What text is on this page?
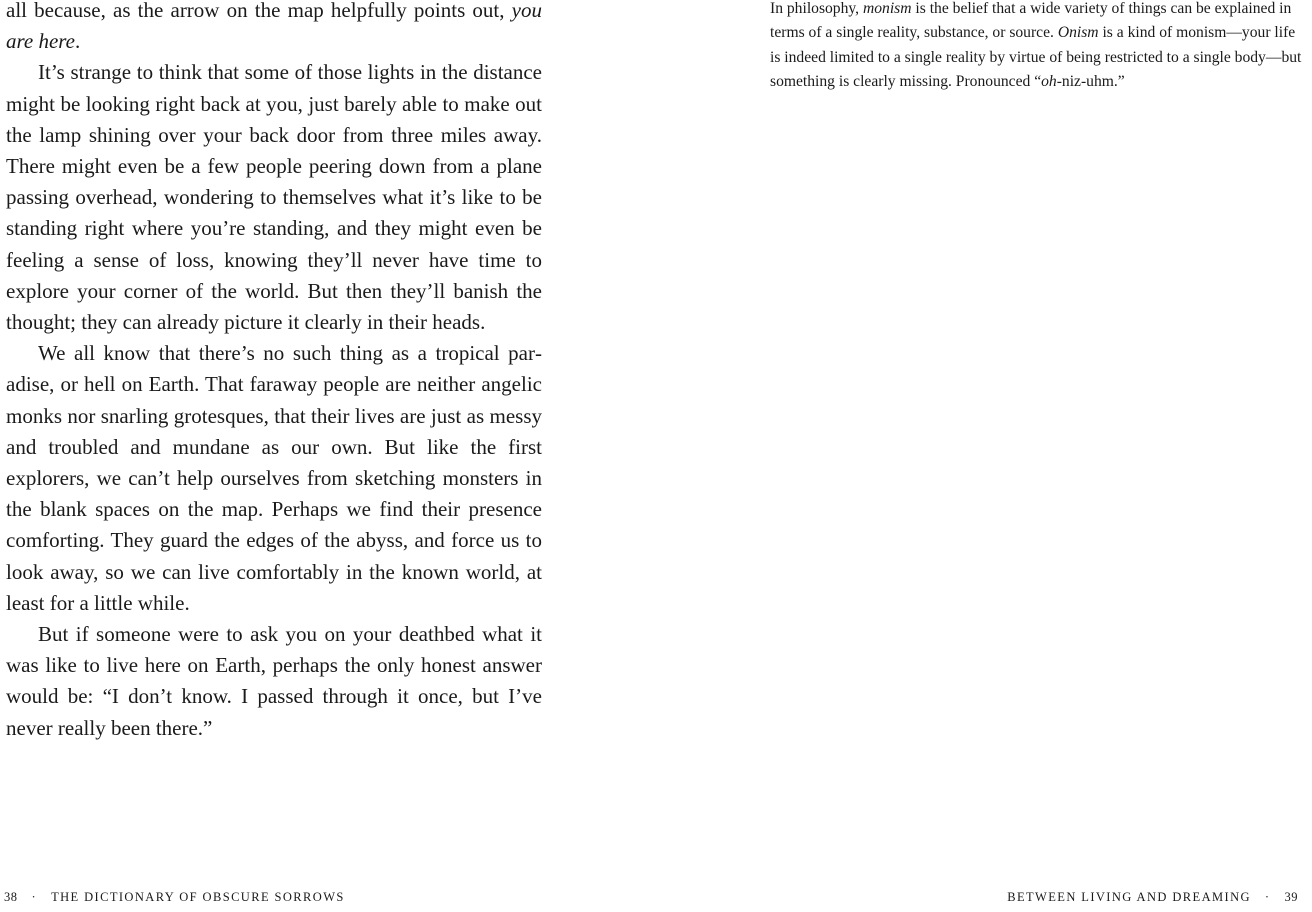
all because, as the arrow on the map helpfully points out, you are here.

It’s strange to think that some of those lights in the distance might be looking right back at you, just barely able to make out the lamp shining over your back door from three miles away. There might even be a few people peering down from a plane passing overhead, wondering to themselves what it’s like to be standing right where you’re standing, and they might even be feeling a sense of loss, knowing they’ll never have time to explore your corner of the world. But then they’ll banish the thought; they can already picture it clearly in their heads.

We all know that there’s no such thing as a tropical paradise, or hell on Earth. That faraway people are neither angelic monks nor snarling grotesques, that their lives are just as messy and troubled and mundane as our own. But like the first explorers, we can’t help ourselves from sketching monsters in the blank spaces on the map. Perhaps we find their presence comforting. They guard the edges of the abyss, and force us to look away, so we can live comfortably in the known world, at least for a little while.

But if someone were to ask you on your deathbed what it was like to live here on Earth, perhaps the only honest answer would be: “I don’t know. I passed through it once, but I’ve never really been there.”

38 · THE DICTIONARY OF OBSCURE SORROWS

In philosophy, monism is the belief that a wide variety of things can be explained in terms of a single reality, substance, or source. Onism is a kind of monism—your life is indeed limited to a single reality by virtue of being restricted to a single body—but something is clearly missing. Pronounced “oh-niz-uhm.”

BETWEEN LIVING AND DREAMING · 39
